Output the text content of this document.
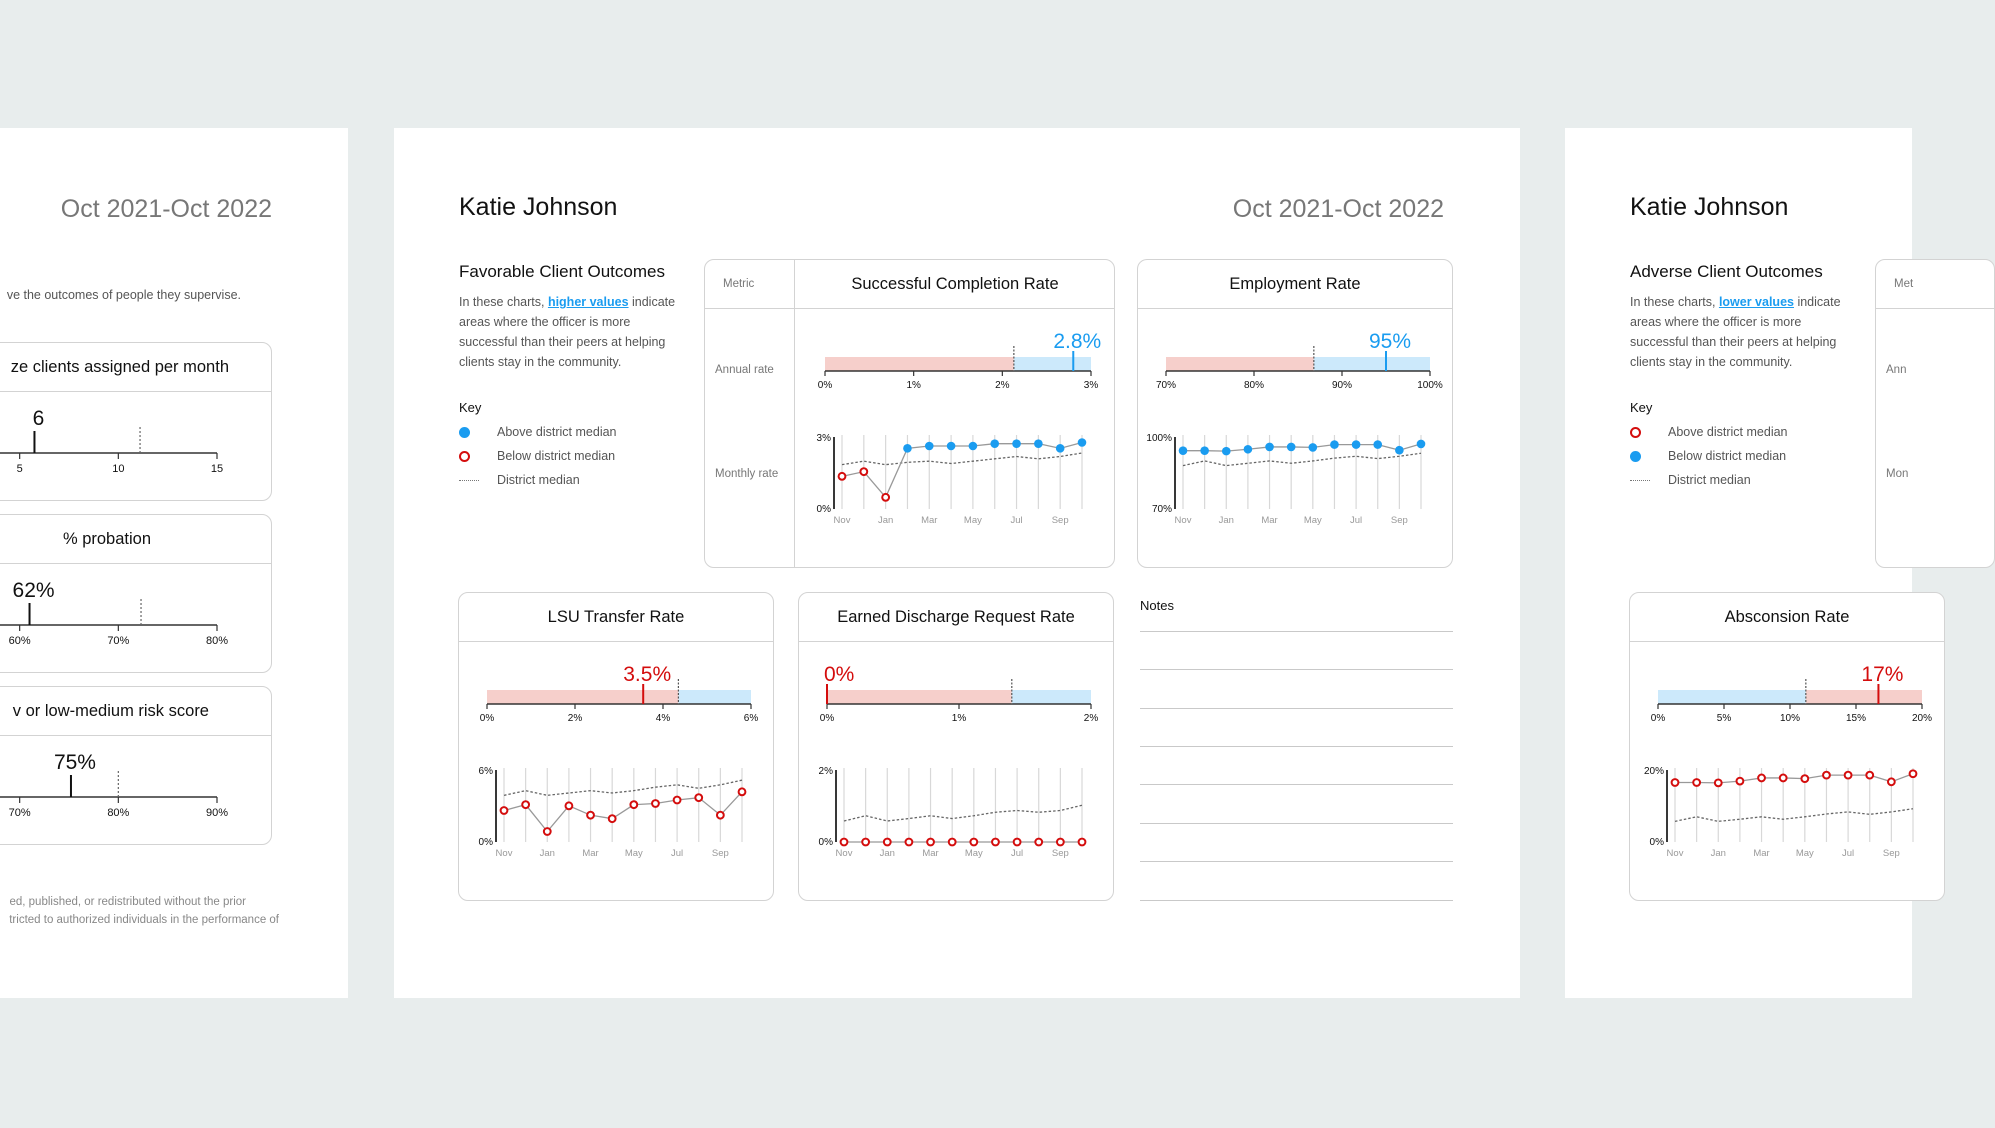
Oct 2021-Oct 2022
ve the outcomes of people they supervise.
ze clients assigned per month
5	10	15
6
% probation
60%	70%	80%
62%
v or low-medium risk score
70%	80%	90%
75%
ed, published, or redistributed without the prior
tricted to authorized individuals in the performance of
Katie Johnson	Oct 2021-Oct 2022
Favorable Client Outcomes
In these charts, higher values indicate areas where the officer is more successful than their peers at helping clients stay in the community.
Key
Above district median
Below district median
District median
Metric
Annual rate
Monthly rate
Successful Completion Rate
0%	1%	2%	3%
2.8%
3%
0%
Nov	Jan	Mar	May	Jul	Sep
Employment Rate
70%	80%	90%	100%
95%
100%
70%
Nov	Jan	Mar	May	Jul	Sep
LSU Transfer Rate
0%	2%	4%	6%
3.5%
6%
0%
Nov	Jan	Mar	May	Jul	Sep
Earned Discharge Request Rate
0%	1%	2%
0%
2%
0%
Nov	Jan	Mar	May	Jul	Sep
Notes
Katie Johnson
Adverse Client Outcomes
In these charts, lower values indicate areas where the officer is more successful than their peers at helping clients stay in the community.
Key
Above district median
Below district median
District median
Met
Ann
Mon
Absconsion Rate
0%	5%	10%	15%	20%
17%
20%
0%
Nov	Jan	Mar	May	Jul	Sep
